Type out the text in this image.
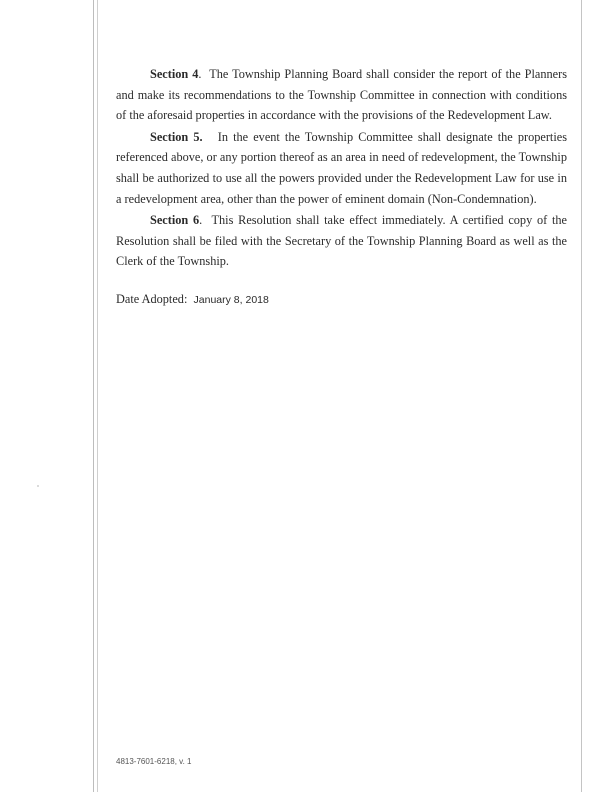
Section 4. The Township Planning Board shall consider the report of the Planners and make its recommendations to the Township Committee in connection with conditions of the aforesaid properties in accordance with the provisions of the Redevelopment Law.

Section 5. In the event the Township Committee shall designate the properties referenced above, or any portion thereof as an area in need of redevelopment, the Township shall be authorized to use all the powers provided under the Redevelopment Law for use in a redevelopment area, other than the power of eminent domain (Non-Condemnation).

Section 6. This Resolution shall take effect immediately. A certified copy of the Resolution shall be filed with the Secretary of the Township Planning Board as well as the Clerk of the Township.

Date Adopted: January 8, 2018
4813-7601-6218, v. 1
